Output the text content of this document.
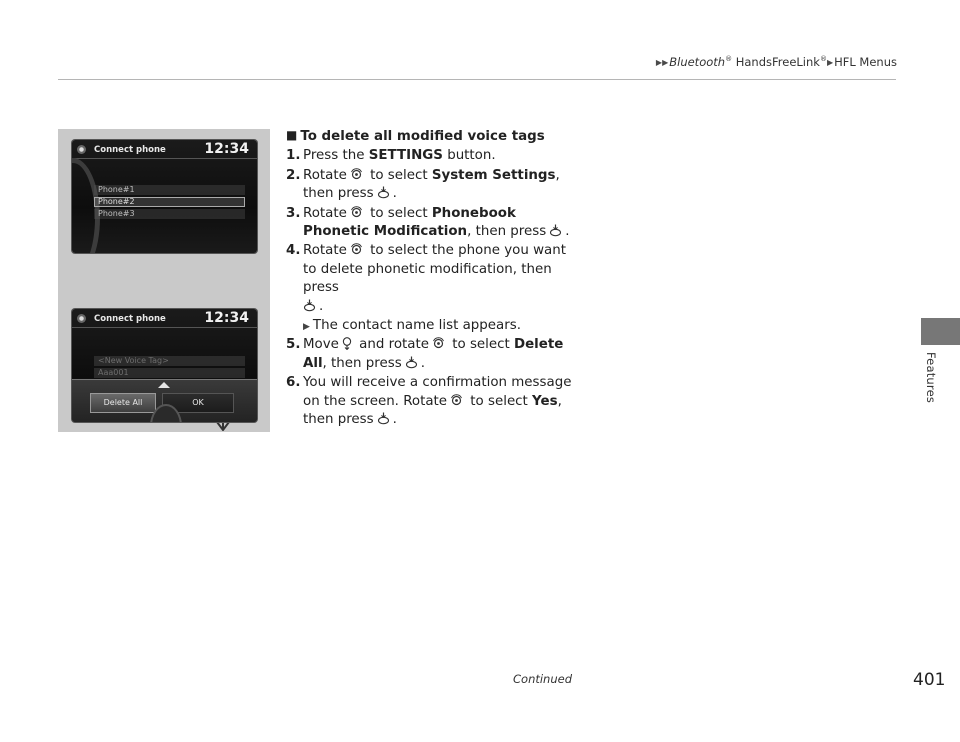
▶▶Bluetooth® HandsFreeLink®▶HFL Menus
Features
Connect phone	12:34
Phone#1
Phone#2
Phone#3
Connect phone	12:34
<New Voice Tag>
Aaa001
Delete All	OK
■ To delete all modified voice tags
1. Press the SETTINGS button.
2. Rotate to select System Settings, then press .
3. Rotate to select Phonebook Phonetic Modification, then press .
4. Rotate to select the phone you want to delete phonetic modification, then press
.
▶ The contact name list appears.
5. Move and rotate to select Delete All, then press .
6. You will receive a confirmation message on the screen. Rotate to select Yes, then press .
Continued	401
